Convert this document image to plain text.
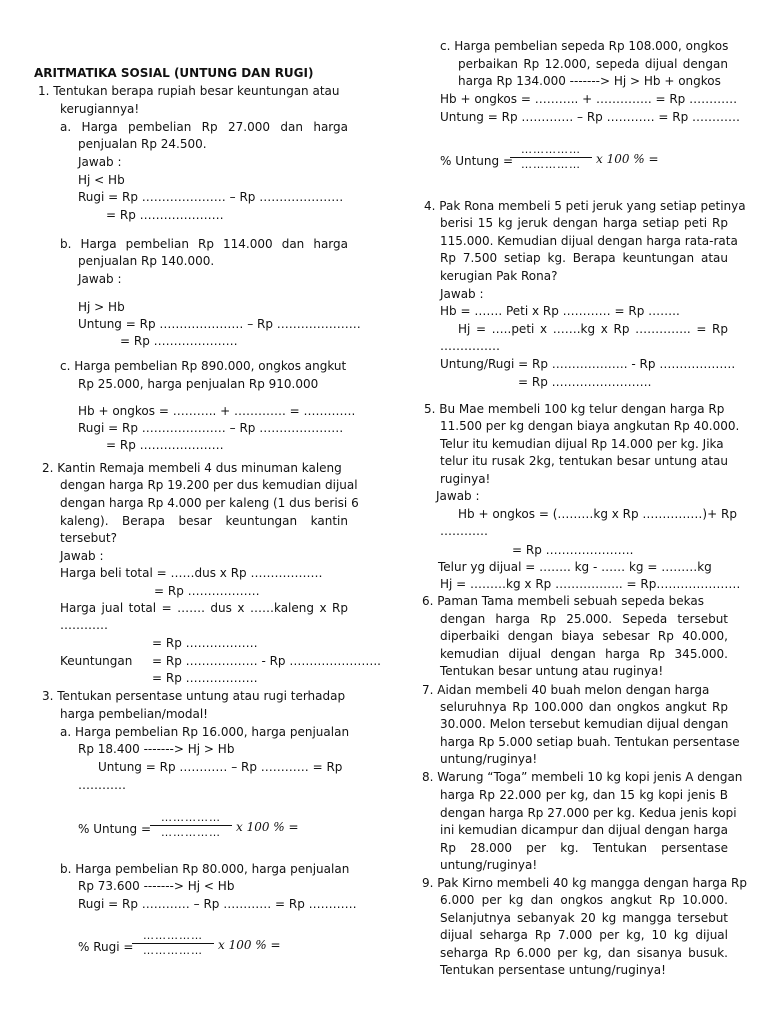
ARITMATIKA SOSIAL (UNTUNG DAN RUGI)
1. Tentukan berapa rupiah besar keuntungan atau
kerugiannya!
a. Harga pembelian Rp 27.000 dan harga
penjualan Rp 24.500.
Jawab :
Hj < Hb
Rugi = Rp ………………… – Rp …………………
= Rp …………………
b. Harga pembelian Rp 114.000 dan harga
penjualan Rp 140.000.
Jawab :
Hj > Hb
Untung = Rp ………………… – Rp …………………
= Rp …………………
c. Harga pembelian Rp 890.000, ongkos angkut
Rp 25.000, harga penjualan Rp 910.000
Hb + ongkos = ……….. + …………. = ………….
Rugi = Rp ………………… – Rp …………………
= Rp …………………
2. Kantin Remaja membeli 4 dus minuman kaleng
dengan harga Rp 19.200 per dus kemudian dijual
dengan harga Rp 4.000 per kaleng (1 dus berisi 6
kaleng). Berapa besar keuntungan kantin
tersebut?
Jawab :
Harga beli total = ……dus x Rp ………………
= Rp ………………
Harga jual total = ……. dus x ……kaleng x Rp
…………
= Rp ………………
Keuntungan = Rp ……………… - Rp …………………..
= Rp ………………
3. Tentukan persentase untung atau rugi terhadap
harga pembelian/modal!
a. Harga pembelian Rp 16.000, harga penjualan
Rp 18.400 -------> Hj > Hb
Untung = Rp ………… – Rp ………… = Rp
…………
% Untung =
……………
……………	x 100 % =
b. Harga pembelian Rp 80.000, harga penjualan
Rp 73.600 -------> Hj < Hb
Rugi = Rp ………… – Rp ………… = Rp …………
% Rugi =
……………
……………	x 100 % =
c. Harga pembelian sepeda Rp 108.000, ongkos
perbaikan Rp 12.000, sepeda dijual dengan
harga Rp 134.000 -------> Hj > Hb + ongkos
Hb + ongkos = ……….. + ………….. = Rp …………
Untung = Rp …………. – Rp ………… = Rp …………
% Untung =
……………
……………	x 100 % =
4. Pak Rona membeli 5 peti jeruk yang setiap petinya
berisi 15 kg jeruk dengan harga setiap peti Rp
115.000. Kemudian dijual dengan harga rata-rata
Rp 7.500 setiap kg. Berapa keuntungan atau
kerugian Pak Rona?
Jawab :
Hb = ……. Peti x Rp ………… = Rp ……..
Hj = …..peti x …….kg x Rp ………….. = Rp
……………
Untung/Rugi = Rp ………………. - Rp ……………….
= Rp …………………….
5. Bu Mae membeli 100 kg telur dengan harga Rp
11.500 per kg dengan biaya angkutan Rp 40.000.
Telur itu kemudian dijual Rp 14.000 per kg. Jika
telur itu rusak 2kg, tentukan besar untung atau
ruginya!
Jawab :
Hb + ongkos = (………kg x Rp ……………)+ Rp
…………
= Rp ………………….
Telur yg dijual = …….. kg - …… kg = ………kg
Hj = ………kg x Rp …………….. = Rp…………………
6. Paman Tama membeli sebuah sepeda bekas
dengan harga Rp 25.000. Sepeda tersebut
diperbaiki dengan biaya sebesar Rp 40.000,
kemudian dijual dengan harga Rp 345.000.
Tentukan besar untung atau ruginya!
7. Aidan membeli 40 buah melon dengan harga
seluruhnya Rp 100.000 dan ongkos angkut Rp
30.000. Melon tersebut kemudian dijual dengan
harga Rp 5.000 setiap buah. Tentukan persentase
untung/ruginya!
8. Warung “Toga” membeli 10 kg kopi jenis A dengan
harga Rp 22.000 per kg, dan 15 kg kopi jenis B
dengan harga Rp 27.000 per kg. Kedua jenis kopi
ini kemudian dicampur dan dijual dengan harga
Rp 28.000 per kg. Tentukan persentase
untung/ruginya!
9. Pak Kirno membeli 40 kg mangga dengan harga Rp
6.000 per kg dan ongkos angkut Rp 10.000.
Selanjutnya sebanyak 20 kg mangga tersebut
dijual seharga Rp 7.000 per kg, 10 kg dijual
seharga Rp 6.000 per kg, dan sisanya busuk.
Tentukan persentase untung/ruginya!
